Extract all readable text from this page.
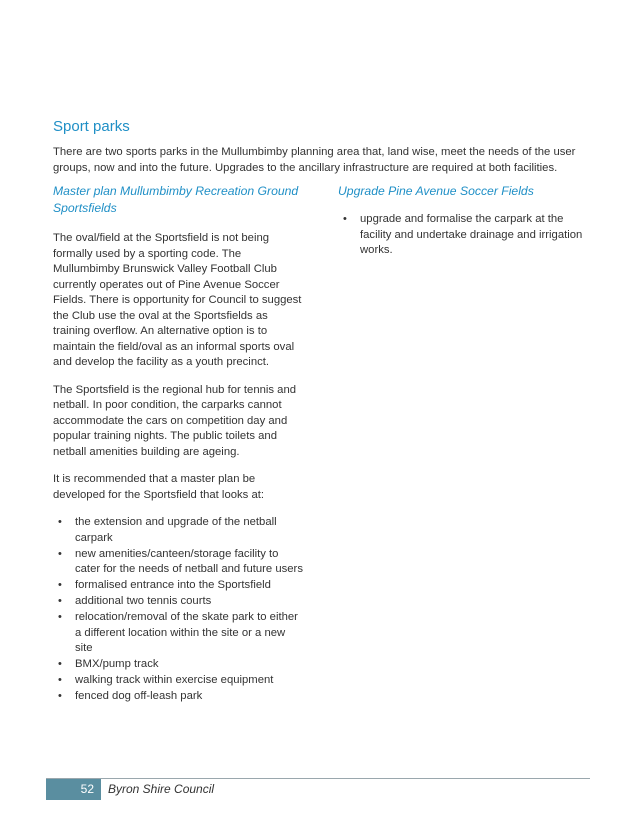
Sport parks

There are two sports parks in the Mullumbimby planning area that, land wise, meet the needs of the user groups, now and into the future. Upgrades to the ancillary infrastructure are required at both facilities.

Master plan Mullumbimby Recreation Ground Sportsfields

The oval/field at the Sportsfield is not being formally used by a sporting code. The Mullumbimby Brunswick Valley Football Club currently operates out of Pine Avenue Soccer Fields. There is opportunity for Council to suggest the Club use the oval at the Sportsfields as training overflow. An alternative option is to maintain the field/oval as an informal sports oval and develop the facility as a youth precinct.

The Sportsfield is the regional hub for tennis and netball. In poor condition, the carparks cannot accommodate the cars on competition day and popular training nights. The public toilets and netball amenities building are ageing.

It is recommended that a master plan be developed for the Sportsfield that looks at:

• the extension and upgrade of the netball carpark
• new amenities/canteen/storage facility to cater for the needs of netball and future users
• formalised entrance into the Sportsfield
• additional two tennis courts
• relocation/removal of the skate park to either a different location within the site or a new site
• BMX/pump track
• walking track within exercise equipment
• fenced dog off-leash park
Upgrade Pine Avenue Soccer Fields
• upgrade and formalise the carpark at the facility and undertake drainage and irrigation works.
52	Byron Shire Council
